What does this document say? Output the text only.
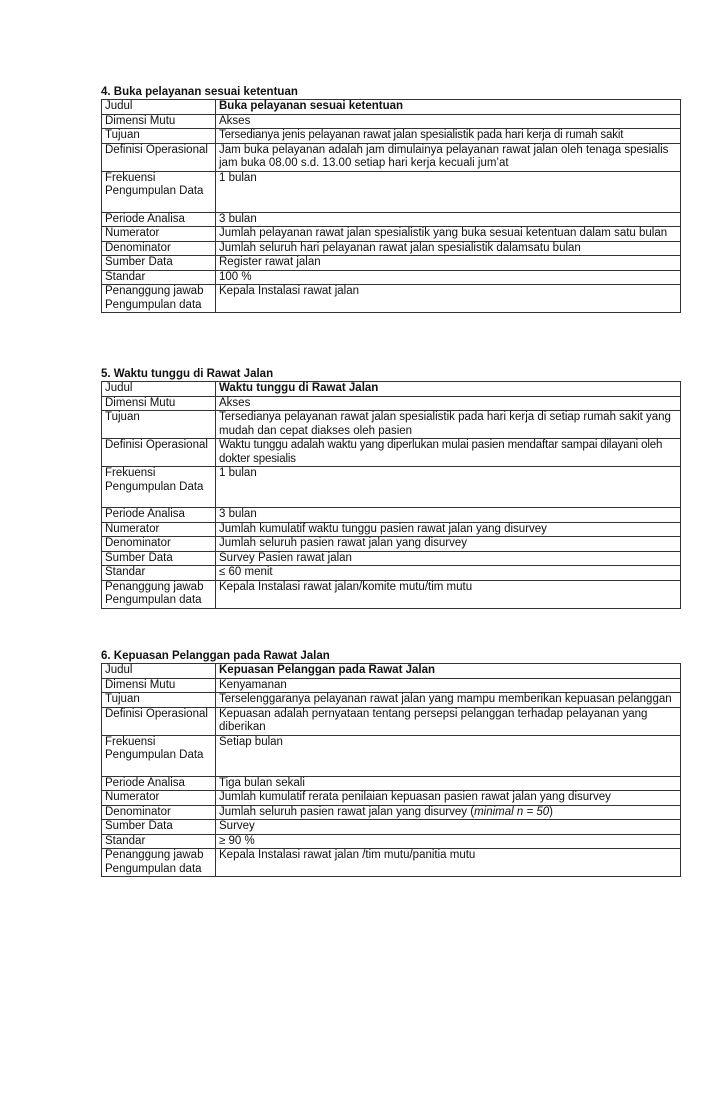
4. Buka pelayanan sesuai ketentuan
Judul	Buka pelayanan sesuai ketentuan
Dimensi Mutu	Akses
Tujuan	Tersedianya jenis pelayanan rawat jalan spesialistik pada hari kerja di rumah sakit
Definisi Operasional	Jam buka pelayanan adalah jam dimulainya pelayanan rawat jalan oleh tenaga spesialis jam buka 08.00 s.d. 13.00 setiap hari kerja kecuali jum’at
Frekuensi Pengumpulan Data	1 bulan
Periode Analisa	3 bulan
Numerator	Jumlah pelayanan rawat jalan spesialistik yang buka sesuai ketentuan dalam satu bulan
Denominator	Jumlah seluruh hari pelayanan rawat jalan spesialistik dalamsatu bulan
Sumber Data	Register rawat jalan
Standar	100 %
Penanggung jawab Pengumpulan data	Kepala Instalasi rawat jalan
5. Waktu tunggu di Rawat Jalan
Judul	Waktu tunggu di Rawat Jalan
Dimensi Mutu	Akses
Tujuan	Tersedianya pelayanan rawat jalan spesialistik pada hari kerja di setiap rumah sakit yang mudah dan cepat diakses oleh pasien
Definisi Operasional	Waktu tunggu adalah waktu yang diperlukan mulai pasien mendaftar sampai dilayani oleh dokter spesialis
Frekuensi Pengumpulan Data	1 bulan
Periode Analisa	3 bulan
Numerator	Jumlah kumulatif waktu tunggu pasien rawat jalan yang disurvey
Denominator	Jumlah seluruh pasien rawat jalan yang disurvey
Sumber Data	Survey Pasien rawat jalan
Standar	≤ 60 menit
Penanggung jawab Pengumpulan data	Kepala Instalasi rawat jalan/komite mutu/tim mutu
6. Kepuasan Pelanggan pada Rawat Jalan
Judul	Kepuasan Pelanggan pada Rawat Jalan
Dimensi Mutu	Kenyamanan
Tujuan	Terselenggaranya pelayanan rawat jalan yang mampu memberikan kepuasan pelanggan
Definisi Operasional	Kepuasan adalah pernyataan tentang persepsi pelanggan terhadap pelayanan yang diberikan
Frekuensi Pengumpulan Data	Setiap bulan
Periode Analisa	Tiga bulan sekali
Numerator	Jumlah kumulatif rerata penilaian kepuasan pasien rawat jalan yang disurvey
Denominator	Jumlah seluruh pasien rawat jalan yang disurvey (minimal n = 50)
Sumber Data	Survey
Standar	≥ 90 %
Penanggung jawab Pengumpulan data	Kepala Instalasi rawat jalan /tim mutu/panitia mutu
